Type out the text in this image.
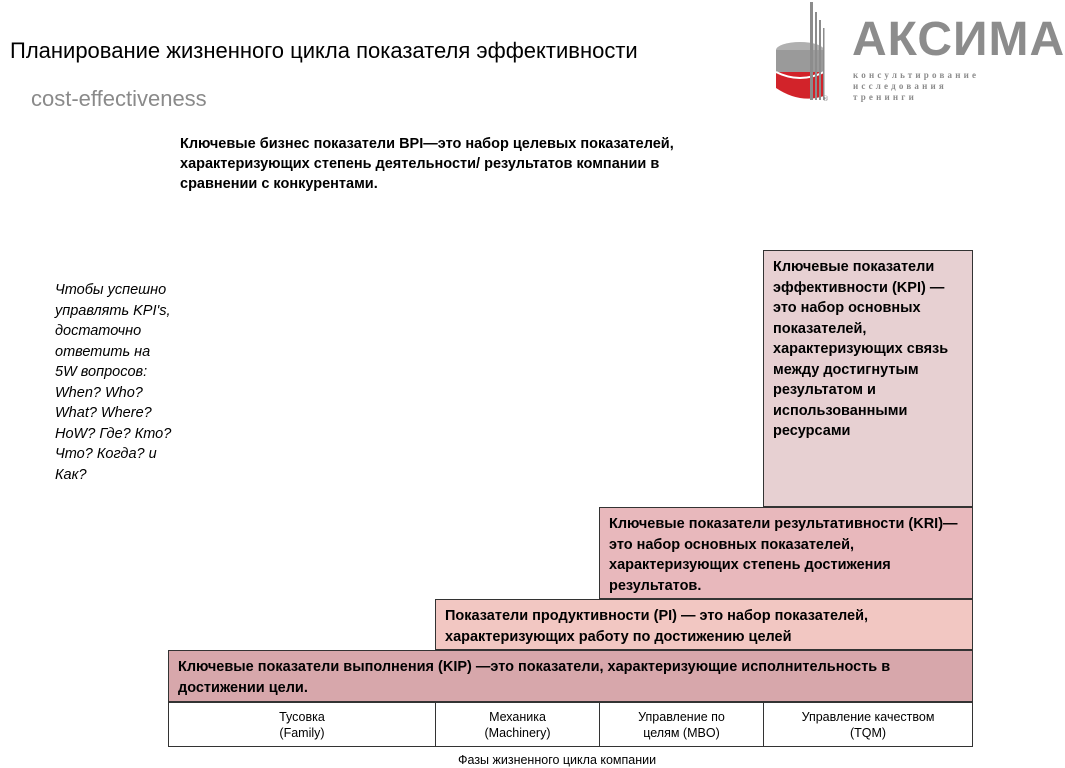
Планирование жизненного цикла показателя эффективности
cost-effectiveness	®
АКСИМА
консультирование
исследования
тренинги
Ключевые бизнес показатели BPI—это набор целевых показателей, характеризующих степень деятельности/ результатов компании в сравнении с конкурентами.
Чтобы успешно управлять KPI's, достаточно ответить на 5W вопросов: When? Who? What? Where? HoW? Где? Кто? Что? Когда? и Как?
Ключевые показатели эффективности (KPI) —это набор основных показателей, характеризующих связь между достигнутым результатом и использованными ресурсами
Ключевые показатели результативности (KRI)—это набор основных показателей, характеризующих степень достижения результатов.
Показатели продуктивности (PI) — это набор показателей, характеризующих работу по достижению целей
Ключевые показатели выполнения (KIP) —это показатели, характеризующие исполнительность в достижении цели.
Тусовка
(Family)
Механика
(Machinery)
Управление по
целям (MBO)
Управление качеством
(TQM)
Фазы жизненного цикла компании
